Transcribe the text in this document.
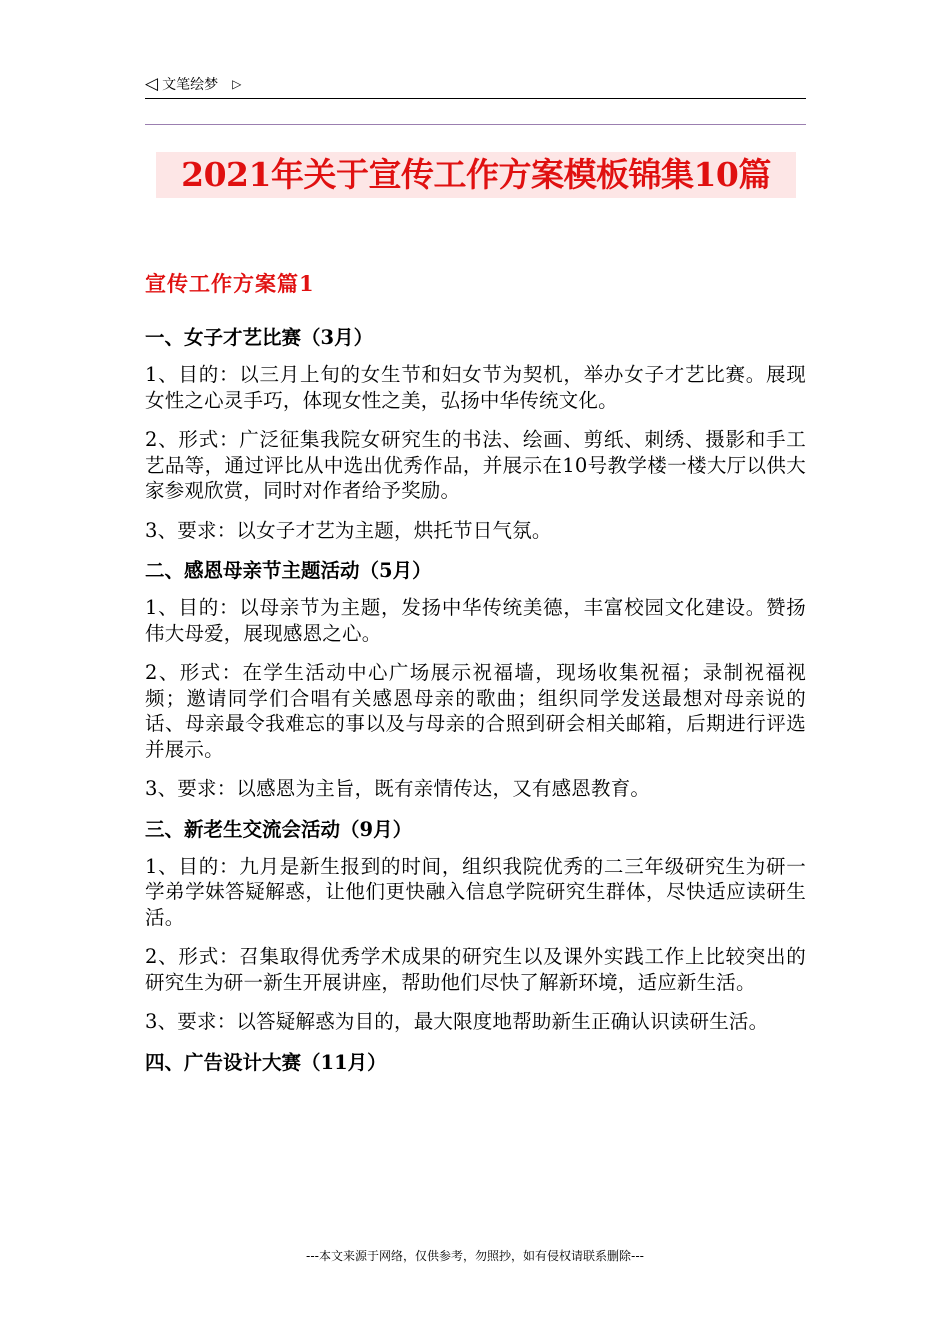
◁ 文笔绘梦 ▷
2021年关于宣传工作方案模板锦集10篇
宣传工作方案篇1
一、女子才艺比赛（3月）
1、目的：以三月上旬的女生节和妇女节为契机，举办女子才艺比赛。展现女性之心灵手巧，体现女性之美，弘扬中华传统文化。
2、形式：广泛征集我院女研究生的书法、绘画、剪纸、刺绣、摄影和手工艺品等，通过评比从中选出优秀作品，并展示在10号教学楼一楼大厅以供大家参观欣赏，同时对作者给予奖励。
3、要求：以女子才艺为主题，烘托节日气氛。
二、感恩母亲节主题活动（5月）
1、目的：以母亲节为主题，发扬中华传统美德，丰富校园文化建设。赞扬伟大母爱，展现感恩之心。
2、形式：在学生活动中心广场展示祝福墙，现场收集祝福；录制祝福视频；邀请同学们合唱有关感恩母亲的歌曲；组织同学发送最想对母亲说的话、母亲最令我难忘的事以及与母亲的合照到研会相关邮箱，后期进行评选并展示。
3、要求：以感恩为主旨，既有亲情传达，又有感恩教育。
三、新老生交流会活动（9月）
1、目的：九月是新生报到的时间，组织我院优秀的二三年级研究生为研一学弟学妹答疑解惑，让他们更快融入信息学院研究生群体，尽快适应读研生活。
2、形式：召集取得优秀学术成果的研究生以及课外实践工作上比较突出的研究生为研一新生开展讲座，帮助他们尽快了解新环境，适应新生活。
3、要求：以答疑解惑为目的，最大限度地帮助新生正确认识读研生活。
四、广告设计大赛（11月）
---本文来源于网络，仅供参考，勿照抄，如有侵权请联系删除---
